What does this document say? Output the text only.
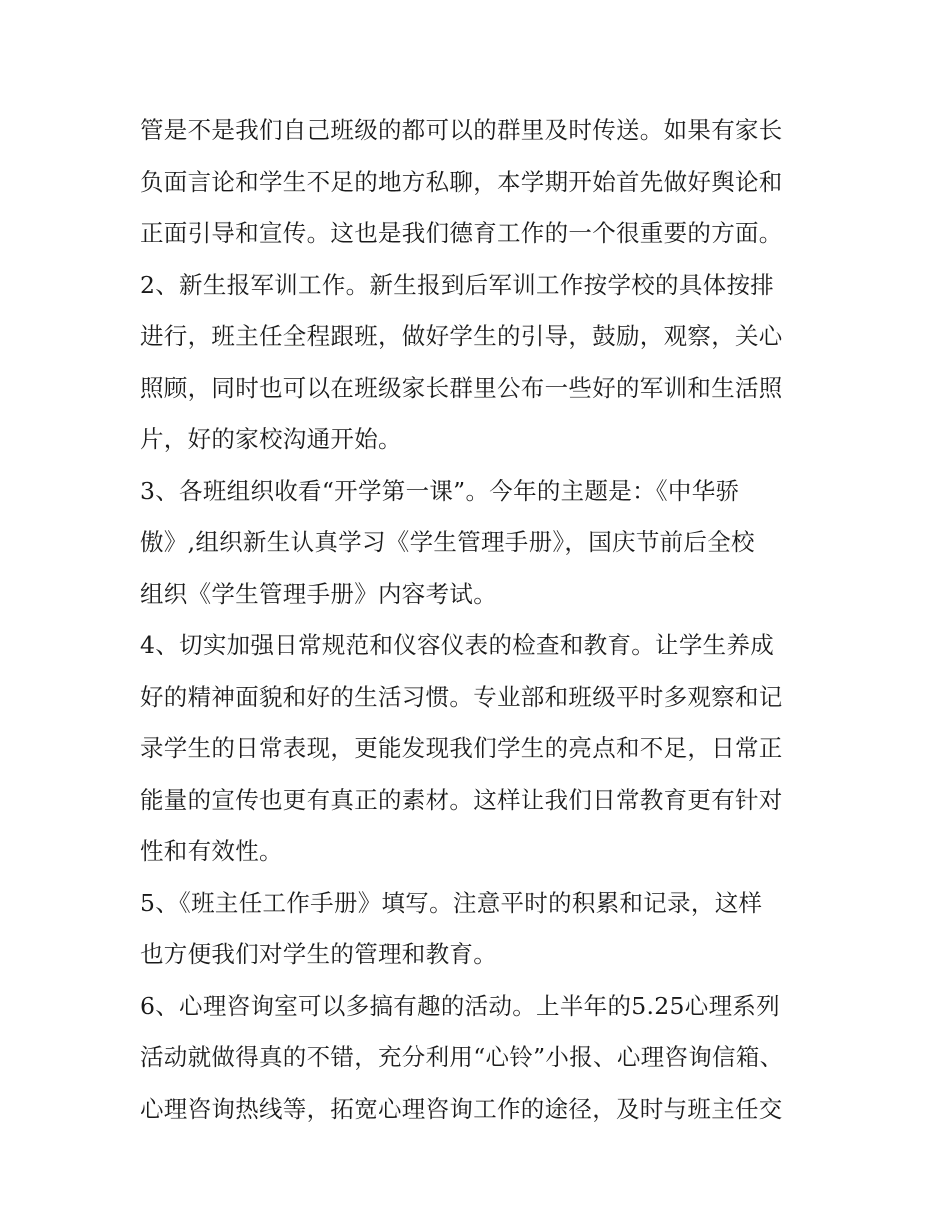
管是不是我们自己班级的都可以的群里及时传送。如果有家长
负面言论和学生不足的地方私聊，本学期开始首先做好舆论和
正面引导和宣传。这也是我们德育工作的一个很重要的方面。
2、新生报军训工作。新生报到后军训工作按学校的具体按排
进行，班主任全程跟班，做好学生的引导，鼓励，观察，关心
照顾，同时也可以在班级家长群里公布一些好的军训和生活照
片，好的家校沟通开始。
3、各班组织收看“开学第一课”。今年的主题是：《中华骄
傲》,组织新生认真学习《学生管理手册》，国庆节前后全校
组织《学生管理手册》内容考试。
4、切实加强日常规范和仪容仪表的检查和教育。让学生养成
好的精神面貌和好的生活习惯。专业部和班级平时多观察和记
录学生的日常表现，更能发现我们学生的亮点和不足，日常正
能量的宣传也更有真正的素材。这样让我们日常教育更有针对
性和有效性。
5、《班主任工作手册》填写。注意平时的积累和记录，这样
也方便我们对学生的管理和教育。
6、心理咨询室可以多搞有趣的活动。上半年的5.25心理系列
活动就做得真的不错，充分利用“心铃”小报、心理咨询信箱、
心理咨询热线等，拓宽心理咨询工作的途径，及时与班主任交
